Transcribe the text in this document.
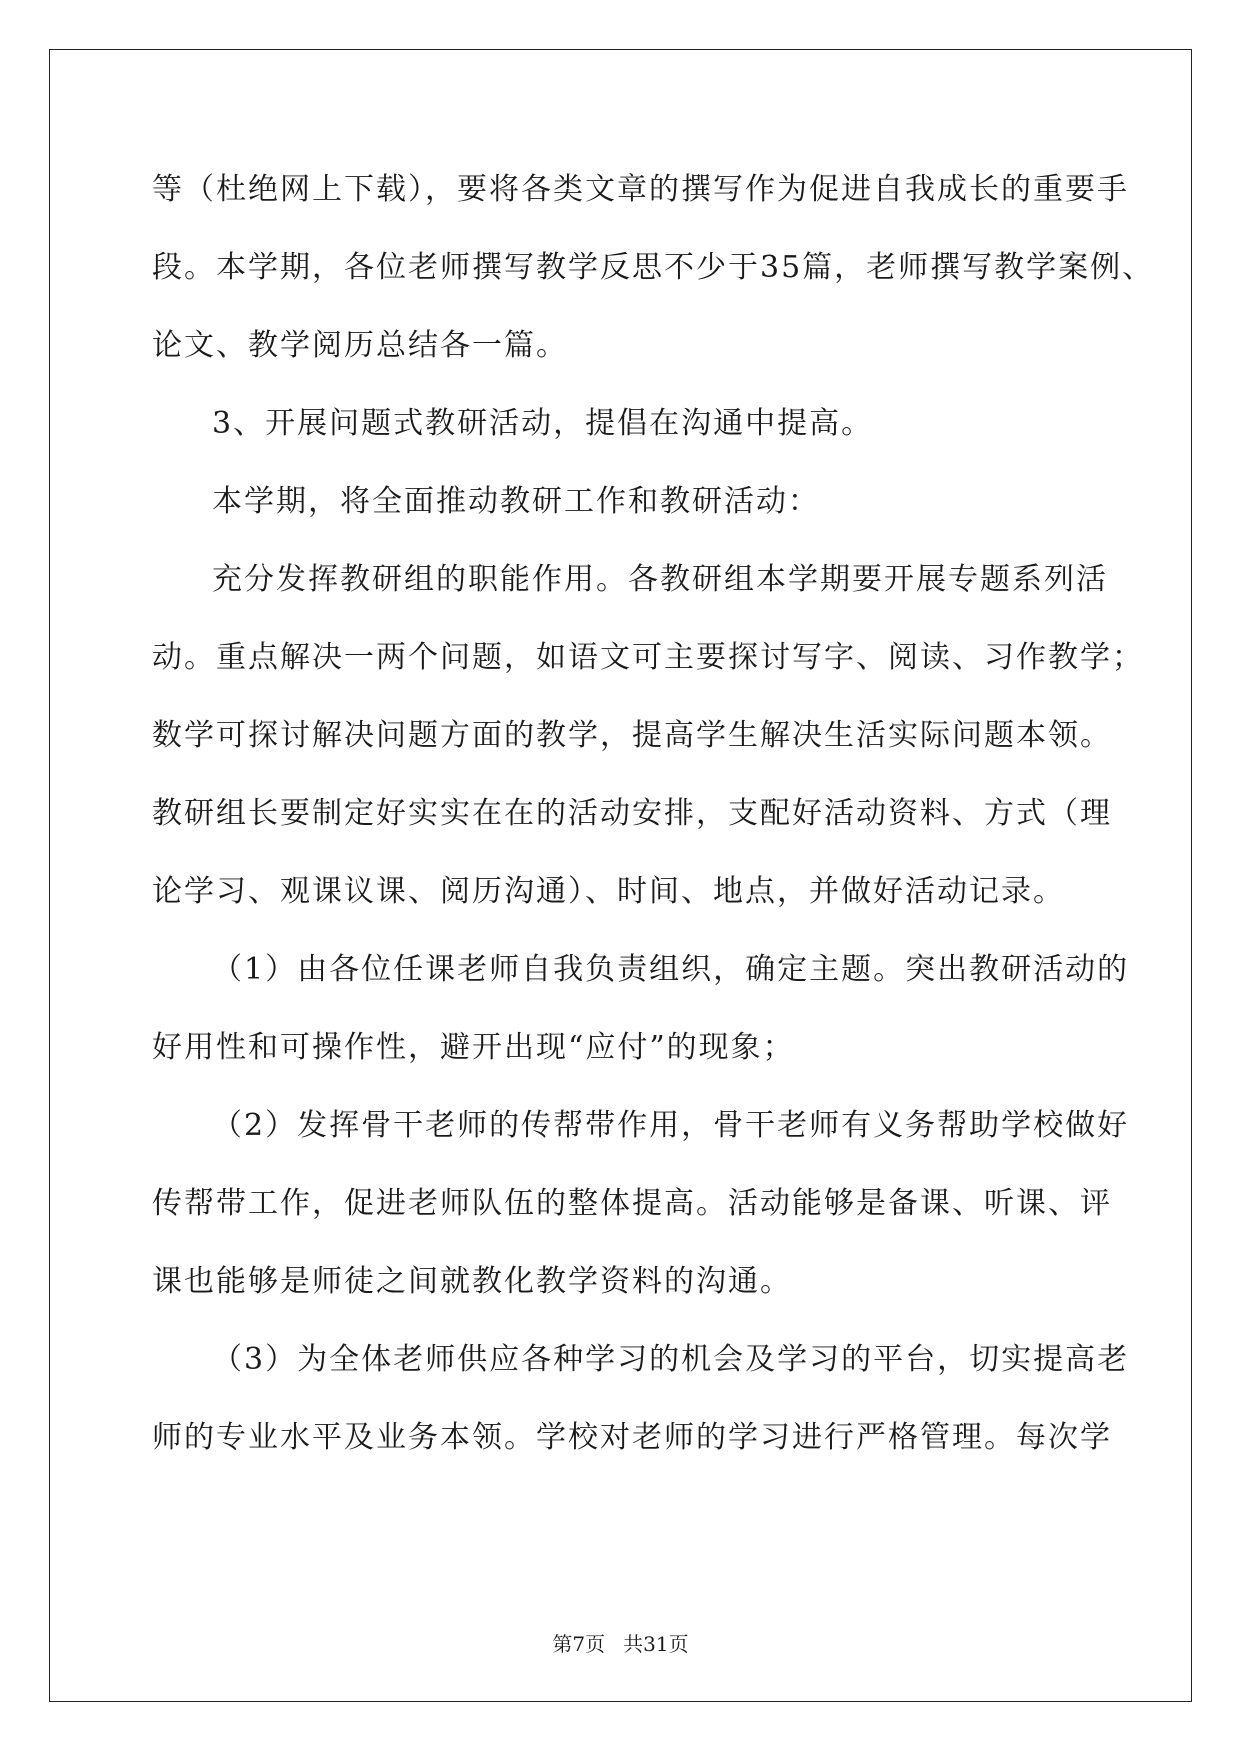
等（杜绝网上下载），要将各类文章的撰写作为促进自我成长的重要手
段。本学期，各位老师撰写教学反思不少于35篇，老师撰写教学案例、
论文、教学阅历总结各一篇。
3、开展问题式教研活动，提倡在沟通中提高。
本学期，将全面推动教研工作和教研活动：
充分发挥教研组的职能作用。各教研组本学期要开展专题系列活
动。重点解决一两个问题，如语文可主要探讨写字、阅读、习作教学；
数学可探讨解决问题方面的教学，提高学生解决生活实际问题本领。
教研组长要制定好实实在在的活动安排，支配好活动资料、方式（理
论学习、观课议课、阅历沟通）、时间、地点，并做好活动记录。
（1）由各位任课老师自我负责组织，确定主题。突出教研活动的
好用性和可操作性，避开出现“应付”的现象；
（2）发挥骨干老师的传帮带作用，骨干老师有义务帮助学校做好
传帮带工作，促进老师队伍的整体提高。活动能够是备课、听课、评
课也能够是师徒之间就教化教学资料的沟通。
（3）为全体老师供应各种学习的机会及学习的平台，切实提高老
师的专业水平及业务本领。学校对老师的学习进行严格管理。每次学
第7页 共31页
